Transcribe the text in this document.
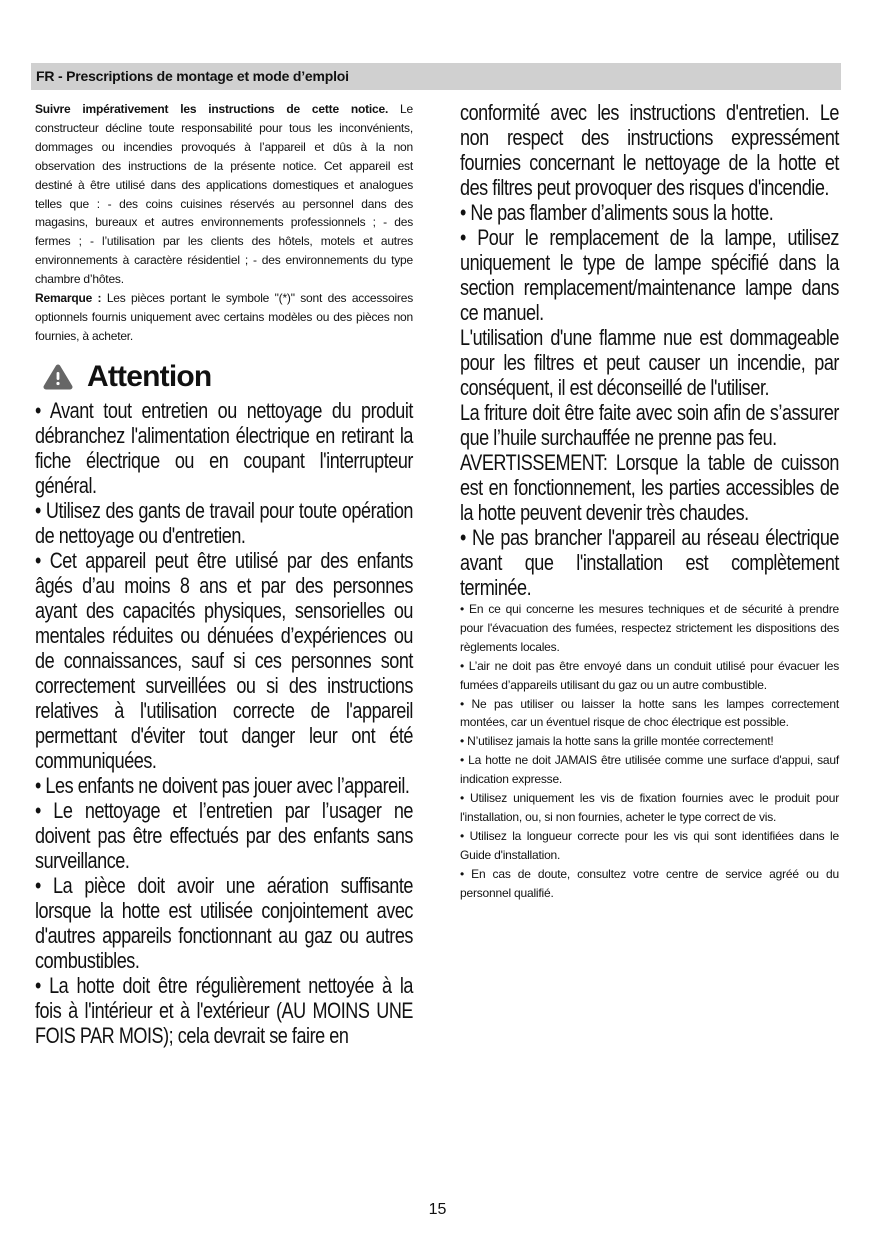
FR - Prescriptions de montage et mode d’emploi

Suivre impérativement les instructions de cette notice. Le constructeur décline toute responsabilité pour tous les inconvénients, dommages ou incendies provoqués à l’appareil et dûs à la non observation des instructions de la présente notice. Cet appareil est destiné à être utilisé dans des applications domestiques et analogues telles que : - des coins cuisines réservés au personnel dans des magasins, bureaux et autres environnements professionnels ; - des fermes ; - l’utilisation par les clients des hôtels, motels et autres environnements à caractère résidentiel ; - des environnements du type chambre d’hôtes.

Remarque : Les pièces portant le symbole "(*)" sont des accessoires optionnels fournis uniquement avec certains modèles ou des pièces non fournies, à acheter.

Attention

• Avant tout entretien ou nettoyage du produit débranchez l'alimentation électrique en retirant la fiche électrique ou en coupant l'interrupteur général.

• Utilisez des gants de travail pour toute opération de nettoyage ou d'entretien.

• Cet appareil peut être utilisé par des enfants âgés d’au moins 8 ans et par des personnes ayant des capacités physiques, sensorielles ou mentales réduites ou dénuées d’expériences ou de connaissances, sauf si ces personnes sont correctement surveillées ou si des instructions relatives à l'utilisation correcte de l'appareil permettant d'éviter tout danger leur ont été communiquées.

• Les enfants ne doivent pas jouer avec l’appareil.

• Le nettoyage et l’entretien par l’usager ne doivent pas être effectués par des enfants sans surveillance.

• La pièce doit avoir une aération suffisante lorsque la hotte est utilisée conjointement avec d'autres appareils fonctionnant au gaz ou autres combustibles.

• La hotte doit être régulièrement nettoyée à la fois à l'intérieur et à l'extérieur (AU MOINS UNE FOIS PAR MOIS); cela devrait se faire en

conformité avec les instructions d'entretien. Le non respect des instructions expressément fournies concernant le nettoyage de la hotte et des filtres peut provoquer des risques d'incendie.

• Ne pas flamber d’aliments sous la hotte.

• Pour le remplacement de la lampe, utilisez uniquement le type de lampe spécifié dans la section remplacement/maintenance lampe dans ce manuel.

L'utilisation d'une flamme nue est dommageable pour les filtres et peut causer un incendie, par conséquent, il est déconseillé de l'utiliser.

La friture doit être faite avec soin afin de s’assurer que l’huile surchauffée ne prenne pas feu.

AVERTISSEMENT: Lorsque la table de cuisson est en fonctionnement, les parties accessibles de la hotte peuvent devenir très chaudes.

• Ne pas brancher l'appareil au réseau électrique avant que l'installation est complètement terminée.

• En ce qui concerne les mesures techniques et de sécurité à prendre pour l'évacuation des fumées, respectez strictement les dispositions des règlements locales.

• L’air ne doit pas être envoyé dans un conduit utilisé pour évacuer les fumées d’appareils utilisant du gaz ou un autre combustible.

• Ne pas utiliser ou laisser la hotte sans les lampes correctement montées, car un éventuel risque de choc électrique est possible.

• N’utilisez jamais la hotte sans la grille montée correctement!

• La hotte ne doit JAMAIS être utilisée comme une surface d'appui, sauf indication expresse.

• Utilisez uniquement les vis de fixation fournies avec le produit pour l'installation, ou, si non fournies, acheter le type correct de vis.

• Utilisez la longueur correcte pour les vis qui sont identifiées dans le Guide d'installation.

• En cas de doute, consultez votre centre de service agréé ou du personnel qualifié.

15
